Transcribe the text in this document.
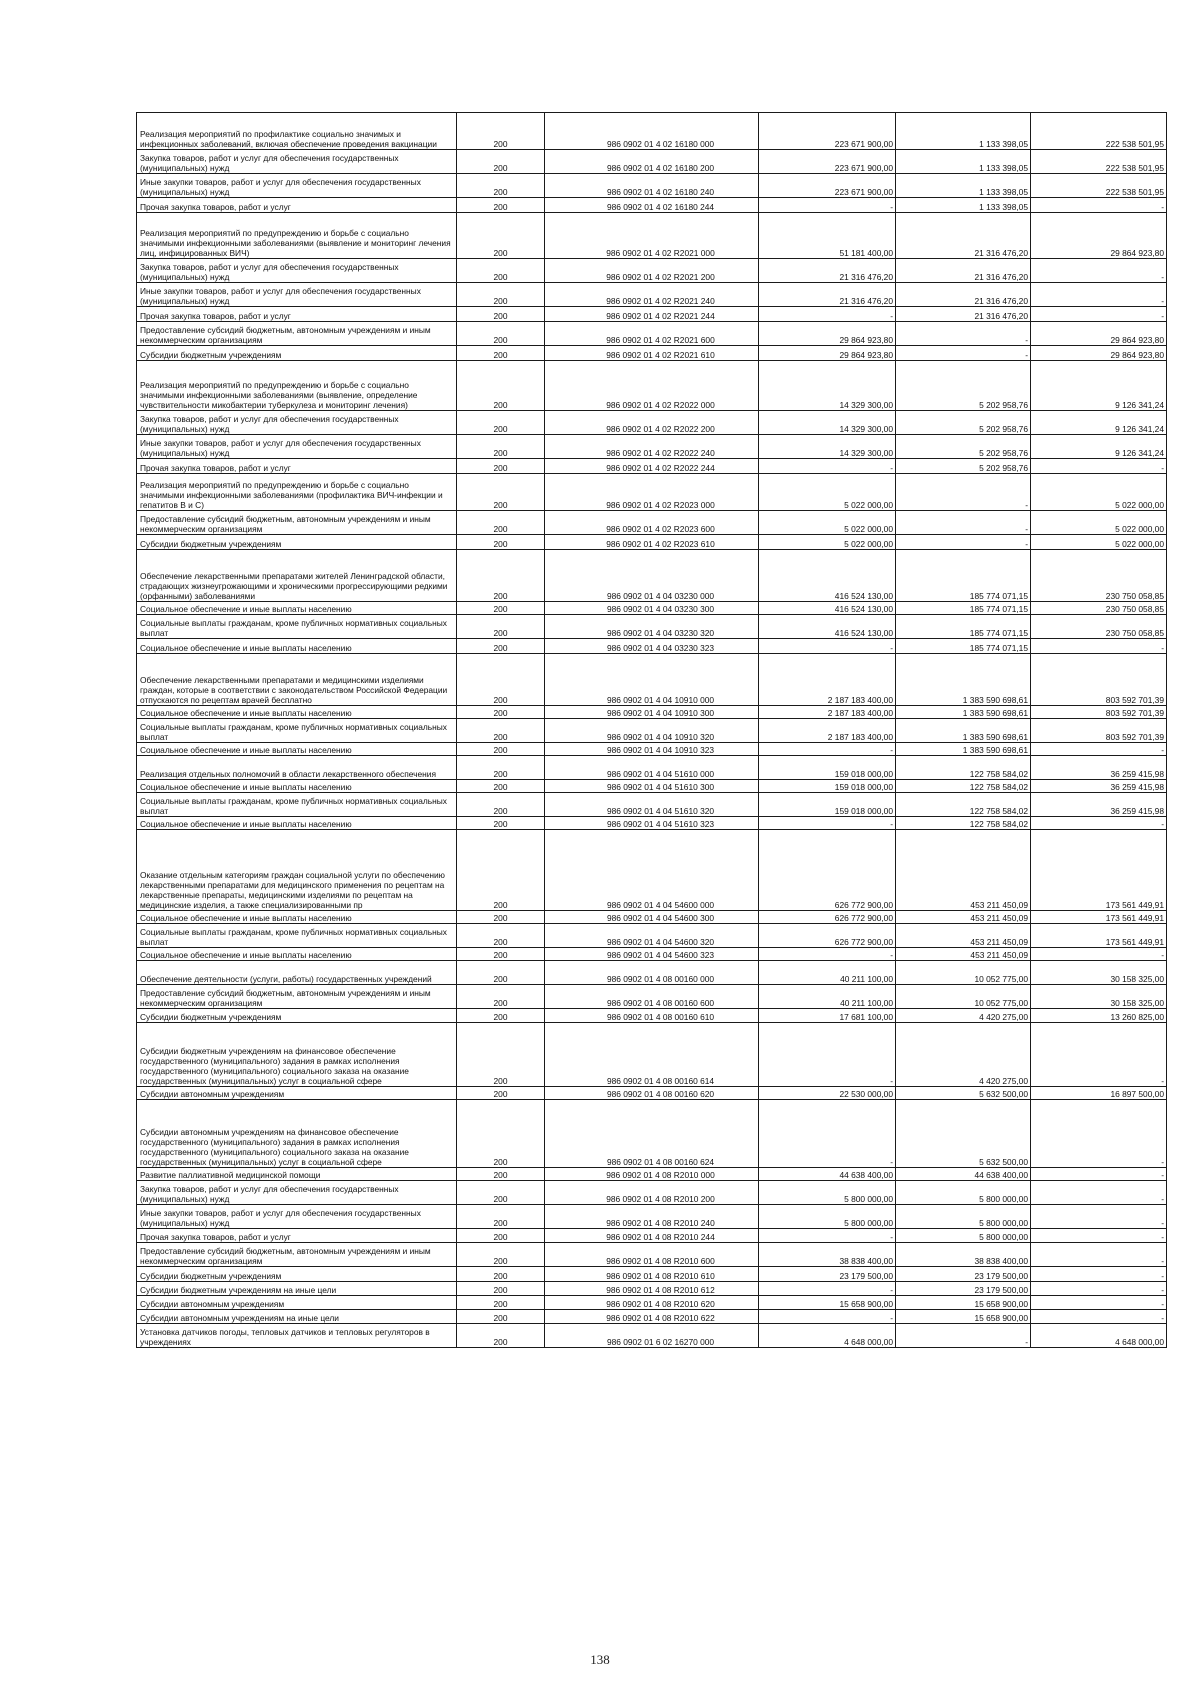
Реализация мероприятий по профилактике социально значимых и инфекционных заболеваний, включая обеспечение проведения вакцинации	200	986 0902 01 4 02 16180 000	223 671 900,00	1 133 398,05	222 538 501,95
Закупка товаров, работ и услуг для обеспечения государственных (муниципальных) нужд	200	986 0902 01 4 02 16180 200	223 671 900,00	1 133 398,05	222 538 501,95
Иные закупки товаров, работ и услуг для обеспечения государственных (муниципальных) нужд	200	986 0902 01 4 02 16180 240	223 671 900,00	1 133 398,05	222 538 501,95
Прочая закупка товаров, работ и услуг	200	986 0902 01 4 02 16180 244	-	1 133 398,05	-
Реализация мероприятий по предупреждению и борьбе с социально значимыми инфекционными заболеваниями (выявление и мониторинг лечения лиц, инфицированных ВИЧ)	200	986 0902 01 4 02 R2021 000	51 181 400,00	21 316 476,20	29 864 923,80
Закупка товаров, работ и услуг для обеспечения государственных (муниципальных) нужд	200	986 0902 01 4 02 R2021 200	21 316 476,20	21 316 476,20	-
Иные закупки товаров, работ и услуг для обеспечения государственных (муниципальных) нужд	200	986 0902 01 4 02 R2021 240	21 316 476,20	21 316 476,20	-
Прочая закупка товаров, работ и услуг	200	986 0902 01 4 02 R2021 244	-	21 316 476,20	-
Предоставление субсидий бюджетным, автономным учреждениям и иным некоммерческим организациям	200	986 0902 01 4 02 R2021 600	29 864 923,80	-	29 864 923,80
Субсидии бюджетным учреждениям	200	986 0902 01 4 02 R2021 610	29 864 923,80	-	29 864 923,80
Реализация мероприятий по предупреждению и борьбе с социально значимыми инфекционными заболеваниями (выявление, определение чувствительности микобактерии туберкулеза и мониторинг лечения)	200	986 0902 01 4 02 R2022 000	14 329 300,00	5 202 958,76	9 126 341,24
Закупка товаров, работ и услуг для обеспечения государственных (муниципальных) нужд	200	986 0902 01 4 02 R2022 200	14 329 300,00	5 202 958,76	9 126 341,24
Иные закупки товаров, работ и услуг для обеспечения государственных (муниципальных) нужд	200	986 0902 01 4 02 R2022 240	14 329 300,00	5 202 958,76	9 126 341,24
Прочая закупка товаров, работ и услуг	200	986 0902 01 4 02 R2022 244	-	5 202 958,76	-
Реализация мероприятий по предупреждению и борьбе с социально значимыми инфекционными заболеваниями (профилактика ВИЧ-инфекции и гепатитов B и C)	200	986 0902 01 4 02 R2023 000	5 022 000,00	-	5 022 000,00
Предоставление субсидий бюджетным, автономным учреждениям и иным некоммерческим организациям	200	986 0902 01 4 02 R2023 600	5 022 000,00	-	5 022 000,00
Субсидии бюджетным учреждениям	200	986 0902 01 4 02 R2023 610	5 022 000,00	-	5 022 000,00
Обеспечение лекарственными препаратами жителей Ленинградской области, страдающих жизнеугрожающими и хроническими прогрессирующими редкими (орфанными) заболеваниями	200	986 0902 01 4 04 03230 000	416 524 130,00	185 774 071,15	230 750 058,85
Социальное обеспечение и иные выплаты населению	200	986 0902 01 4 04 03230 300	416 524 130,00	185 774 071,15	230 750 058,85
Социальные выплаты гражданам, кроме публичных нормативных социальных выплат	200	986 0902 01 4 04 03230 320	416 524 130,00	185 774 071,15	230 750 058,85
Социальное обеспечение и иные выплаты населению	200	986 0902 01 4 04 03230 323	-	185 774 071,15	-
Обеспечение лекарственными препаратами и медицинскими изделиями граждан, которые в соответствии с законодательством Российской Федерации отпускаются по рецептам врачей бесплатно	200	986 0902 01 4 04 10910 000	2 187 183 400,00	1 383 590 698,61	803 592 701,39
Социальное обеспечение и иные выплаты населению	200	986 0902 01 4 04 10910 300	2 187 183 400,00	1 383 590 698,61	803 592 701,39
Социальные выплаты гражданам, кроме публичных нормативных социальных выплат	200	986 0902 01 4 04 10910 320	2 187 183 400,00	1 383 590 698,61	803 592 701,39
Социальное обеспечение и иные выплаты населению	200	986 0902 01 4 04 10910 323	-	1 383 590 698,61	-
Реализация отдельных полномочий в области лекарственного обеспечения	200	986 0902 01 4 04 51610 000	159 018 000,00	122 758 584,02	36 259 415,98
Социальное обеспечение и иные выплаты населению	200	986 0902 01 4 04 51610 300	159 018 000,00	122 758 584,02	36 259 415,98
Социальные выплаты гражданам, кроме публичных нормативных социальных выплат	200	986 0902 01 4 04 51610 320	159 018 000,00	122 758 584,02	36 259 415,98
Социальное обеспечение и иные выплаты населению	200	986 0902 01 4 04 51610 323	-	122 758 584,02	-
Оказание отдельным категориям граждан социальной услуги по обеспечению лекарственными препаратами для медицинского применения по рецептам на лекарственные препараты, медицинскими изделиями по рецептам на медицинские изделия, а также специализированными пр	200	986 0902 01 4 04 54600 000	626 772 900,00	453 211 450,09	173 561 449,91
Социальное обеспечение и иные выплаты населению	200	986 0902 01 4 04 54600 300	626 772 900,00	453 211 450,09	173 561 449,91
Социальные выплаты гражданам, кроме публичных нормативных социальных выплат	200	986 0902 01 4 04 54600 320	626 772 900,00	453 211 450,09	173 561 449,91
Социальное обеспечение и иные выплаты населению	200	986 0902 01 4 04 54600 323	-	453 211 450,09	-
Обеспечение деятельности (услуги, работы) государственных учреждений	200	986 0902 01 4 08 00160 000	40 211 100,00	10 052 775,00	30 158 325,00
Предоставление субсидий бюджетным, автономным учреждениям и иным некоммерческим организациям	200	986 0902 01 4 08 00160 600	40 211 100,00	10 052 775,00	30 158 325,00
Субсидии бюджетным учреждениям	200	986 0902 01 4 08 00160 610	17 681 100,00	4 420 275,00	13 260 825,00
Субсидии бюджетным учреждениям на финансовое обеспечение государственного (муниципального) задания в рамках исполнения государственного (муниципального) социального заказа на оказание государственных (муниципальных) услуг в социальной сфере	200	986 0902 01 4 08 00160 614	-	4 420 275,00	-
Субсидии автономным учреждениям	200	986 0902 01 4 08 00160 620	22 530 000,00	5 632 500,00	16 897 500,00
Субсидии автономным учреждениям на финансовое обеспечение государственного (муниципального) задания в рамках исполнения государственного (муниципального) социального заказа на оказание государственных (муниципальных) услуг в социальной сфере	200	986 0902 01 4 08 00160 624	-	5 632 500,00	-
Развитие паллиативной медицинской помощи	200	986 0902 01 4 08 R2010 000	44 638 400,00	44 638 400,00	-
Закупка товаров, работ и услуг для обеспечения государственных (муниципальных) нужд	200	986 0902 01 4 08 R2010 200	5 800 000,00	5 800 000,00	-
Иные закупки товаров, работ и услуг для обеспечения государственных (муниципальных) нужд	200	986 0902 01 4 08 R2010 240	5 800 000,00	5 800 000,00	-
Прочая закупка товаров, работ и услуг	200	986 0902 01 4 08 R2010 244	-	5 800 000,00	-
Предоставление субсидий бюджетным, автономным учреждениям и иным некоммерческим организациям	200	986 0902 01 4 08 R2010 600	38 838 400,00	38 838 400,00	-
Субсидии бюджетным учреждениям	200	986 0902 01 4 08 R2010 610	23 179 500,00	23 179 500,00	-
Субсидии бюджетным учреждениям на иные цели	200	986 0902 01 4 08 R2010 612	-	23 179 500,00	-
Субсидии автономным учреждениям	200	986 0902 01 4 08 R2010 620	15 658 900,00	15 658 900,00	-
Субсидии автономным учреждениям на иные цели	200	986 0902 01 4 08 R2010 622	-	15 658 900,00	-
Установка датчиков погоды, тепловых датчиков и тепловых регуляторов в учреждениях	200	986 0902 01 6 02 16270 000	4 648 000,00	-	4 648 000,00
138
